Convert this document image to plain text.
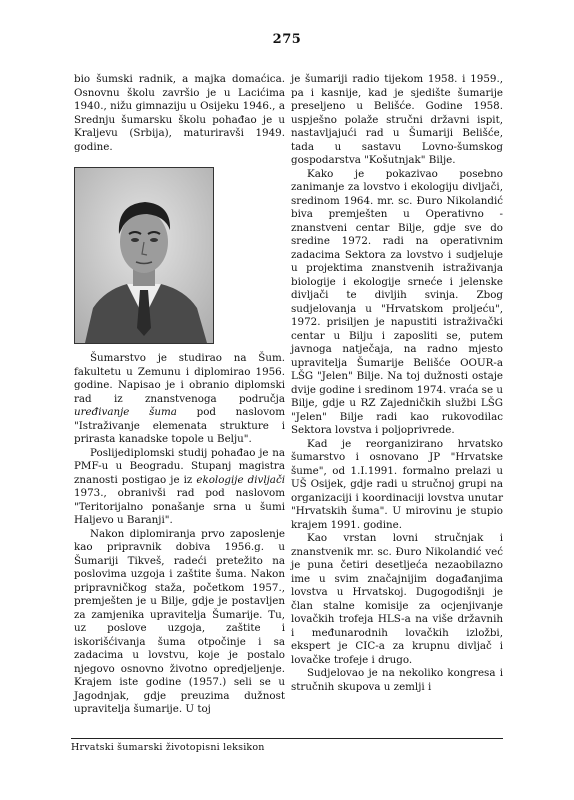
275

bio šumski radnik, a majka domaćica. Osnovnu školu završio je u Lacićima 1940., nižu gimnaziju u Osijeku 1946., a Srednju šumarsku školu pohađao je u Kraljevu (Srbija), maturiravši 1949. godine.

Šumarstvo je studirao na Šum. fakultetu u Zemunu i diplomirao 1956. godine. Napisao je i obranio diplomski rad iz znanstvenoga područja uređivanje šuma pod naslovom "Istraživanje elemenata strukture i prirasta kanadske topole u Belju".

Poslijediplomski studij pohađao je na PMF-u u Beogradu. Stupanj magistra znanosti postigao je iz ekologije divljači 1973., obranivši rad pod naslovom "Teritorijalno ponašanje srna u šumi Haljevo u Baranji".

Nakon diplomiranja prvo zaposlenje kao pripravnik dobiva 1956.g. u Šumariji Tikveš, radeći pretežito na poslovima uzgoja i zaštite šuma. Nakon pripravničkog staža, početkom 1957., premješten je u Bilje, gdje je postavljen za zamjenika upravitelja Šumarije. Tu, uz poslove uzgoja, zaštite i iskorišćivanja šuma otpočinje i sa zadacima u lovstvu, koje je postalo njegovo osnovno životno opredjeljenje. Krajem iste godine (1957.) seli se u Jagodnjak, gdje preuzima dužnost upravitelja šumarije. U toj

je šumariji radio tijekom 1958. i 1959., pa i kasnije, kad je sjedište šumarije preseljeno u Belišće. Godine 1958. uspješno polaže stručni državni ispit, nastavljajući rad u Šumariji Belišće, tada u sastavu Lovno-šumskog gospodarstva "Košutnjak" Bilje.

Kako je pokazivao posebno zanimanje za lovstvo i ekologiju divljači, sredinom 1964. mr. sc. Đuro Nikolandić biva premješten u Operativno - znanstveni centar Bilje, gdje sve do sredine 1972. radi na operativnim zadacima Sektora za lovstvo i sudjeluje u projektima znanstvenih istraživanja biologije i ekologije srneće i jelenske divljači te divljih svinja. Zbog sudjelovanja u "Hrvatskom proljeću", 1972. prisiljen je napustiti istraživački centar u Bilju i zaposliti se, putem javnoga natječaja, na radno mjesto upravitelja Šumarije Belišće OOUR-a LŠG "Jelen" Bilje. Na toj dužnosti ostaje dvije godine i sredinom 1974. vraća se u Bilje, gdje u RZ Zajedničkih službi LŠG "Jelen" Bilje radi kao rukovodilac Sektora lovstva i poljoprivrede.

Kad je reorganizirano hrvatsko šumarstvo i osnovano JP "Hrvatske šume", od 1.I.1991. formalno prelazi u UŠ Osijek, gdje radi u stručnoj grupi na organizaciji i koordinaciji lovstva unutar "Hrvatskih šuma". U mirovinu je stupio krajem 1991. godine.

Kao vrstan lovni stručnjak i znanstvenik mr. sc. Đuro Nikolandić već je puna četiri desetljeća nezaobilazno ime u svim značajnijim događanjima lovstva u Hrvatskoj. Dugogodišnji je član stalne komisije za ocjenjivanje lovačkih trofeja HLS-a na više državnih i međunarodnih lovačkih izložbi, ekspert je CIC-a za krupnu divljač i lovačke trofeje i drugo.

Sudjelovao je na nekoliko kongresa i stručnih skupova u zemlji i

Hrvatski šumarski životopisni leksikon
